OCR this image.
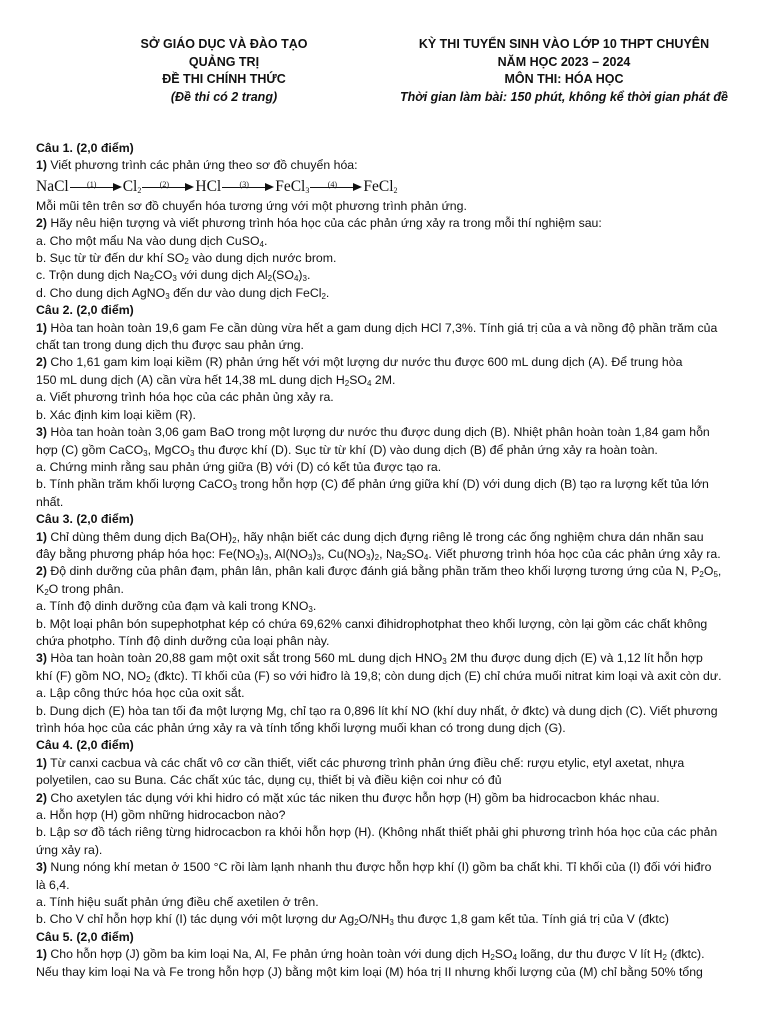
SỞ GIÁO DỤC VÀ ĐÀO TẠO
QUẢNG TRỊ
ĐỀ THI CHÍNH THỨC
(Đề thi có 2 trang)
KỲ THI TUYỂN SINH VÀO LỚP 10 THPT CHUYÊN
NĂM HỌC 2023 – 2024
MÔN THI: HÓA HỌC
Thời gian làm bài: 150 phút, không kể thời gian phát đề
Câu 1. (2,0 điểm)
1) Viết phương trình các phản ứng theo sơ đồ chuyển hóa:
NaCl	(1)	$Cl_2$
(2)	HCl	(3)	FeCl$_3$
(4)	FeCl$_2$
Mỗi mũi tên trên sơ đồ chuyển hóa tương ứng với một phương trình phản ứng.
2) Hãy nêu hiện tượng và viết phương trình hóa học của các phản ứng xảy ra trong mỗi thí nghiệm sau:
a. Cho một mẩu Na vào dung dịch CuSO$_4$.
b. Sục từ từ đến dư khí $SO_2$ vào dung dịch nước brom.
c. Trộn dung dịch $Na_2CO_3$ với dung dịch $Al_2(SO_4)_3$.
d. Cho dung dịch AgNO$_3$ đến dư vào dung dịch FeCl$_2$.
Câu 2. (2,0 điểm)
1) Hòa tan hoàn toàn 19,6 gam Fe cần dùng vừa hết a gam dung dịch HCl 7,3%. Tính giá trị của a và nồng độ phần trăm của
chất tan trong dung dịch thu được sau phản ứng.
2) Cho 1,61 gam kim loại kiềm (R) phản ứng hết với một lượng dư nước thu được 600 mL dung dịch (A). Để trung hòa
150 mL dung dịch (A) cần vừa hết 14,38 mL dung dịch $H_2SO_4$ 2M.
a. Viết phương trình hóa học của các phản ủng xảy ra.
b. Xác định kim loại kiềm (R).
3) Hòa tan hoàn toàn 3,06 gam BaO trong một lượng dư nước thu được dung dịch (B). Nhiệt phân hoàn toàn 1,84 gam hỗn
hợp (C) gồm CaCO$_3$, MgCO$_3$ thu được khí (D). Sục từ từ khí (D) vào dung dịch (B) để phản ứng xảy ra hoàn toàn.
a. Chứng minh rằng sau phản ứng giữa (B) với (D) có kết tủa được tạo ra.
b. Tính phần trăm khối lượng CaCO$_3$ trong hỗn hợp (C) để phản ứng giữa khí (D) với dung dịch (B) tạo ra lượng kết tủa lớn
nhất.
Câu 3. (2,0 điểm)
1) Chỉ dùng thêm dung dịch $Ba(OH)_2$, hãy nhận biết các dung dịch đựng riêng lẻ trong các ống nghiệm chưa dán nhãn sau
đây bằng phương pháp hóa học: $Fe(NO_3)_3$, $Al(NO_3)_3$, $Cu(NO_3)_2$, $Na_2SO_4$. Viết phương trình hóa học của các phản ứng xảy ra.
2) Độ dinh dưỡng của phân đạm, phân lân, phân kali được đánh giá bằng phần trăm theo khối lượng tương ứng của N, $P_2O_5$,
$K_2O$ trong phân.
a. Tính độ dinh dưỡng của đạm và kali trong $KNO_3$.
b. Một loại phân bón supephotphat kép có chứa 69,62% canxi đihidrophotphat theo khối lượng, còn lại gồm các chất không
chứa photpho. Tính độ dinh dưỡng của loại phân này.
3) Hòa tan hoàn toàn 20,88 gam một oxit sắt trong 560 mL dung dịch $HNO_3$ 2M thu được dung dịch (E) và 1,12 lít hỗn hợp
khí (F) gồm NO, $NO_2$ (đktc). Tỉ khối của (F) so với hiđro là 19,8; còn dung dịch (E) chỉ chứa muối nitrat kim loại và axit còn dư.
a. Lập công thức hóa học của oxit sắt.
b. Dung dịch (E) hòa tan tối đa một lượng Mg, chỉ tạo ra 0,896 lít khí NO (khí duy nhất, ở đktc) và dung dịch (C). Viết phương
trình hóa học của các phản ứng xảy ra và tính tổng khối lượng muối khan có trong dung dịch (G).
Câu 4. (2,0 điểm)
1) Từ canxi cacbua và các chất vô cơ cần thiết, viết các phương trình phản ứng điều chế: rượu etylic, etyl axetat, nhựa
polyetilen, cao su Buna. Các chất xúc tác, dụng cụ, thiết bị và điều kiện coi như có đủ
2) Cho axetylen tác dụng với khi hidro có mặt xúc tác niken thu được hỗn hợp (H) gồm ba hidrocacbon khác nhau.
a. Hỗn hợp (H) gồm những hidrocacbon nào?
b. Lập sơ đồ tách riêng từng hidrocacbon ra khỏi hỗn hợp (H). (Không nhất thiết phải ghi phương trình hóa học của các phản
ứng xảy ra).
3) Nung nóng khí metan ở 1500 °C rồi làm lạnh nhanh thu được hỗn hợp khí (I) gồm ba chất khi. Tỉ khối của (I) đối với hiđro
là 6,4.
a. Tính hiệu suất phản ứng điều chế axetilen ở trên.
b. Cho V chỉ hỗn hợp khí (I) tác dụng với một lượng dư $Ag_2O/NH_3$ thu được 1,8 gam kết tủa. Tính giá trị của V (đktc)
Câu 5. (2,0 điểm)
1) Cho hỗn hợp (J) gồm ba kim loại Na, Al, Fe phản ứng hoàn toàn với dung dịch $H_2SO_4$ loãng, dư thu được V lít $H_2$ (đktc).
Nếu thay kim loại Na và Fe trong hỗn hợp (J) bằng một kim loại (M) hóa trị II nhưng khối lượng của (M) chỉ bằng 50% tổng
